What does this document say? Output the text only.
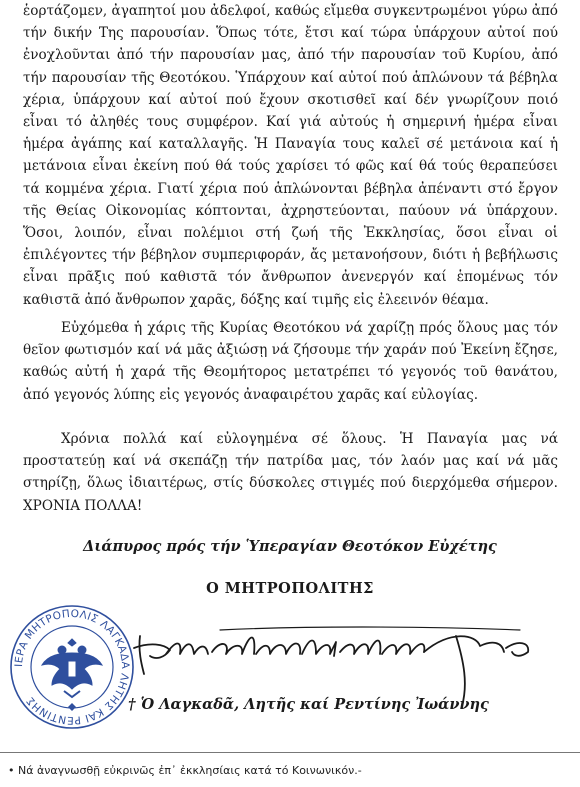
ἑορτάζομεν, ἀγαπητοί μου ἀδελφοί, καθώς εἴμεθα συγκεντρωμένοι γύρω ἀπό τήν δικήν Της παρουσίαν. Ὅπως τότε, ἔτσι καί τώρα ὑπάρχουν αὐτοί πού ἐνοχλοῦνται ἀπό τήν παρουσίαν μας, ἀπό τήν παρουσίαν τοῦ Κυρίου, ἀπό τήν παρουσίαν τῆς Θεοτόκου. Ὑπάρχουν καί αὐτοί πού ἁπλώνουν τά βέβηλα χέρια, ὑπάρχουν καί αὐτοί πού ἔχουν σκοτισθεῖ καί δέν γνωρίζουν ποιό εἶναι τό ἀληθές τους συμφέρον. Καί γιά αὐτούς ἡ σημερινή ἡμέρα εἶναι ἡμέρα ἀγάπης καί καταλλαγῆς. Ἡ Παναγία τους καλεῖ σέ μετάνοια καί ἡ μετάνοια εἶναι ἐκείνη πού θά τούς χαρίσει τό φῶς καί θά τούς θεραπεύσει τά κομμένα χέρια. Γιατί χέρια πού ἁπλώνονται βέβηλα ἀπέναντι στό ἔργον τῆς Θείας Οἰκονομίας κόπτονται, ἀχρηστεύονται, παύουν νά ὑπάρχουν. Ὅσοι, λοιπόν, εἶναι πολέμιοι στή ζωή τῆς Ἐκκλησίας, ὅσοι εἶναι οἱ ἐπιλέγοντες τήν βέβηλον συμπεριφοράν, ἄς μετανοήσουν, διότι ἡ βεβήλωσις εἶναι πρᾶξις πού καθιστᾶ τόν ἄνθρωπον ἀνενεργόν καί ἑπομένως τόν καθιστᾶ ἀπό ἄνθρωπον χαρᾶς, δόξης καί τιμῆς εἰς ἐλεεινόν θέαμα.

Εὐχόμεθα ἡ χάρις τῆς Κυρίας Θεοτόκου νά χαρίζῃ πρός ὅλους μας τόν θεῖον φωτισμόν καί νά μᾶς ἀξιώσῃ νά ζήσουμε τήν χαράν πού Ἐκείνη ἔζησε, καθώς αὐτή ἡ χαρά τῆς Θεομήτορος μετατρέπει τό γεγονός τοῦ θανάτου, ἀπό γεγονός λύπης εἰς γεγονός ἀναφαιρέτου χαρᾶς καί εὐλογίας.

Χρόνια πολλά καί εὐλογημένα σέ ὅλους. Ἡ Παναγία μας νά προστατεύῃ καί νά σκεπάζῃ τήν πατρίδα μας, τόν λαόν μας καί νά μᾶς στηρίζῃ, ὅλως ἰδιαιτέρως, στίς δύσκολες στιγμές πού διερχόμεθα σήμερον. ΧΡΟΝΙΑ ΠΟΛΛΑ!

Διάπυρος πρός τήν Ὑπεραγίαν Θεοτόκον Εὐχέτης

Ο ΜΗΤΡΟΠΟΛΙΤΗΣ

ΙΕΡΑ ΜΗΤΡΟΠΟΛΙΣ ΛΑΓΚΑΔΑ ΛΗΤΗΣ ΚΑΙ ΡΕΝΤΙΝΗΣ	† Ὁ Λαγκαδᾶ, Λητῆς καί Ρεντίνης Ἰωάννης

• Νά ἀναγνωσθῇ εὐκρινῶς ἐπ᾽ ἐκκλησίαις κατά τό Κοινωνικόν.-
